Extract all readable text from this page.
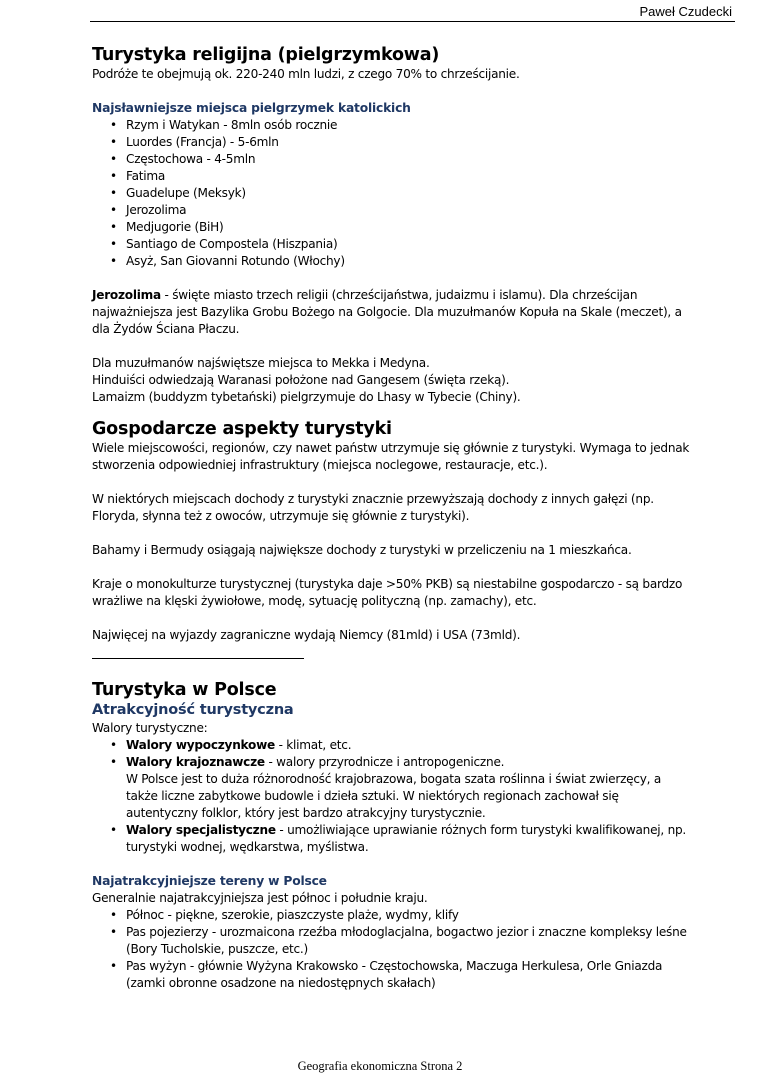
Paweł Czudecki
Turystyka religijna (pielgrzymkowa)

Podróże te obejmują ok. 220-240 mln ludzi, z czego 70% to chrześcijanie.

Najsławniejsze miejsca pielgrzymek katolickich
• Rzym i Watykan - 8mln osób rocznie
• Luordes (Francja) - 5-6mln
• Częstochowa - 4-5mln
• Fatima
• Guadelupe (Meksyk)
• Jerozolima
• Medjugorie (BiH)
• Santiago de Compostela (Hiszpania)
• Asyż, San Giovanni Rotundo (Włochy)

Jerozolima - święte miasto trzech religii (chrześcijaństwa, judaizmu i islamu). Dla chrześcijan najważniejsza jest Bazylika Grobu Bożego na Golgocie. Dla muzułmanów Kopuła na Skale (meczet), a dla Żydów Ściana Płaczu.

Dla muzułmanów najświętsze miejsca to Mekka i Medyna.

Hinduiści odwiedzają Waranasi położone nad Gangesem (święta rzeką).

Lamaizm (buddyzm tybetański) pielgrzymuje do Lhasy w Tybecie (Chiny).

Gospodarcze aspekty turystyki

Wiele miejscowości, regionów, czy nawet państw utrzymuje się głównie z turystyki. Wymaga to jednak stworzenia odpowiedniej infrastruktury (miejsca noclegowe, restauracje, etc.).

W niektórych miejscach dochody z turystyki znacznie przewyższają dochody z innych gałęzi (np. Floryda, słynna też z owoców, utrzymuje się głównie z turystyki).

Bahamy i Bermudy osiągają największe dochody z turystyki w przeliczeniu na 1 mieszkańca.

Kraje o monokulturze turystycznej (turystyka daje >50% PKB) są niestabilne gospodarczo - są bardzo wrażliwe na klęski żywiołowe, modę, sytuację polityczną (np. zamachy), etc.

Najwięcej na wyjazdy zagraniczne wydają Niemcy (81mld) i USA (73mld).

Turystyka w Polsce
Atrakcyjność turystyczna

Walory turystyczne:

• Walory wypoczynkowe - klimat, etc.
• Walory krajoznawcze - walory przyrodnicze i antropogeniczne.
W Polsce jest to duża różnorodność krajobrazowa, bogata szata roślinna i świat zwierzęcy, a także liczne zabytkowe budowle i dzieła sztuki. W niektórych regionach zachował się autentyczny folklor, który jest bardzo atrakcyjny turystycznie.
• Walory specjalistyczne - umożliwiające uprawianie różnych form turystyki kwalifikowanej, np. turystyki wodnej, wędkarstwa, myślistwa.
Najatrakcyjniejsze tereny w Polsce

Generalnie najatrakcyjniejsza jest północ i południe kraju.

• Północ - piękne, szerokie, piaszczyste plaże, wydmy, klify
• Pas pojezierzy - urozmaicona rzeźba młodoglacjalna, bogactwo jezior i znaczne kompleksy leśne (Bory Tucholskie, puszcze, etc.)
• Pas wyżyn - głównie Wyżyna Krakowsko - Częstochowska, Maczuga Herkulesa, Orle Gniazda (zamki obronne osadzone na niedostępnych skałach)
Geografia ekonomiczna Strona 2
